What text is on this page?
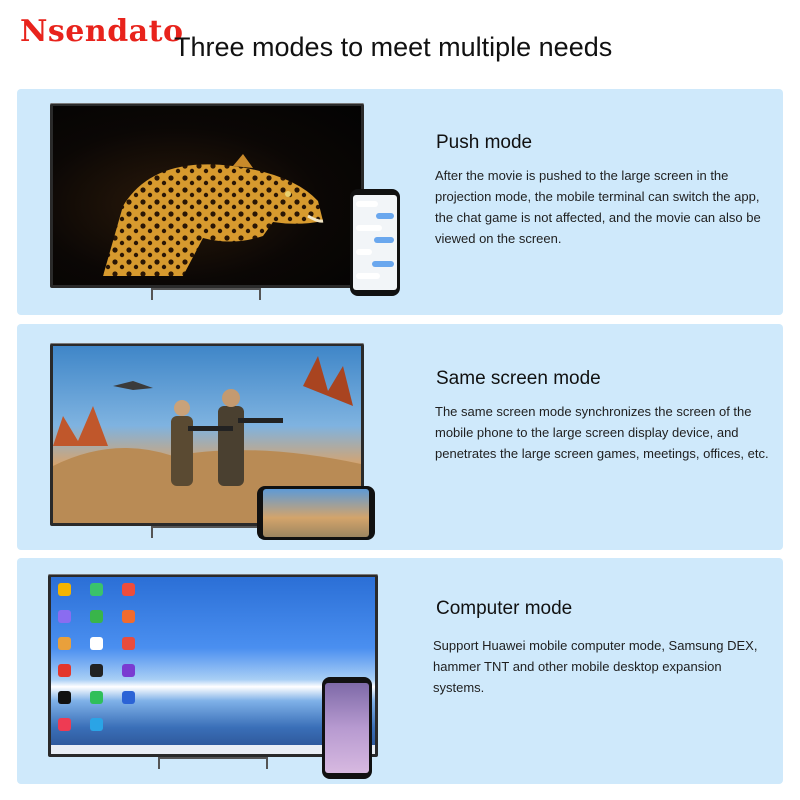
Nsendato
Three modes to meet multiple needs
Push mode
After the movie is pushed to the large screen in the projection mode, the mobile terminal can switch the app, the chat game is not affected, and the movie can also be viewed on the screen.
Same screen mode
The same screen mode synchronizes the screen of the mobile phone to the large screen display device, and penetrates the large screen games, meetings, offices, etc.
Computer mode
Support Huawei mobile computer mode, Samsung DEX, hammer TNT and other mobile desktop expansion systems.
